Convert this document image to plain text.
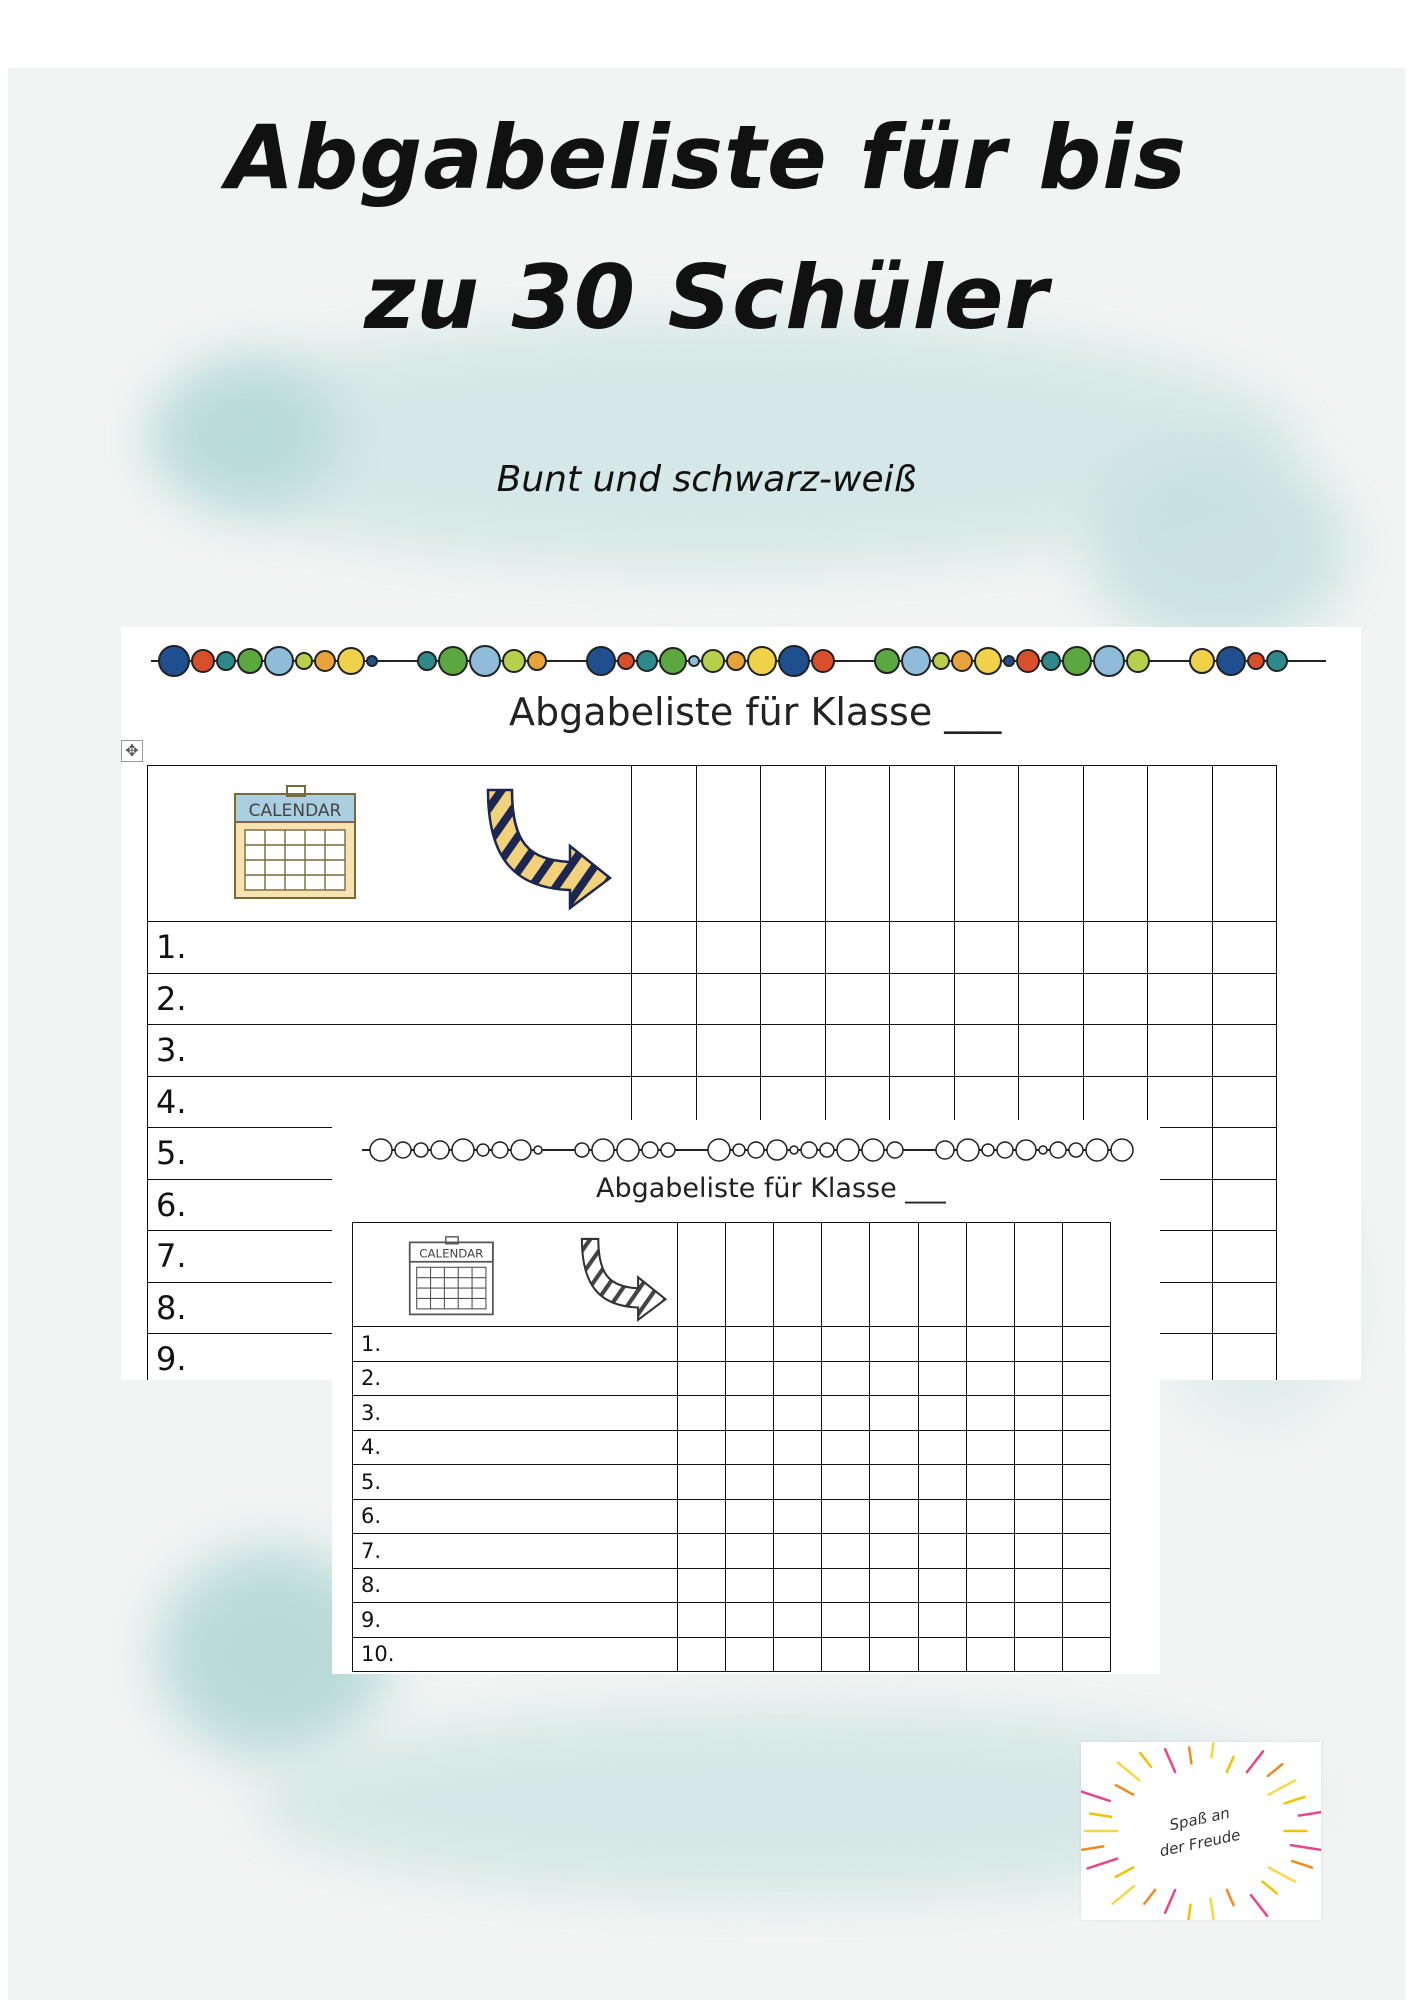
Abgabeliste für bis
zu 30 Schüler
Bunt und schwarz-weiß
Abgabeliste für Klasse ___
CALENDAR										

1.										
2.										
3.										
4.										
5.										
6.										
7.										
8.										
9.										
✥
Abgabeliste für Klasse ___
CALENDAR									

1.									
2.									
3.									
4.									
5.									
6.									
7.									
8.									
9.									
10.									
Spaß an
der Freude
